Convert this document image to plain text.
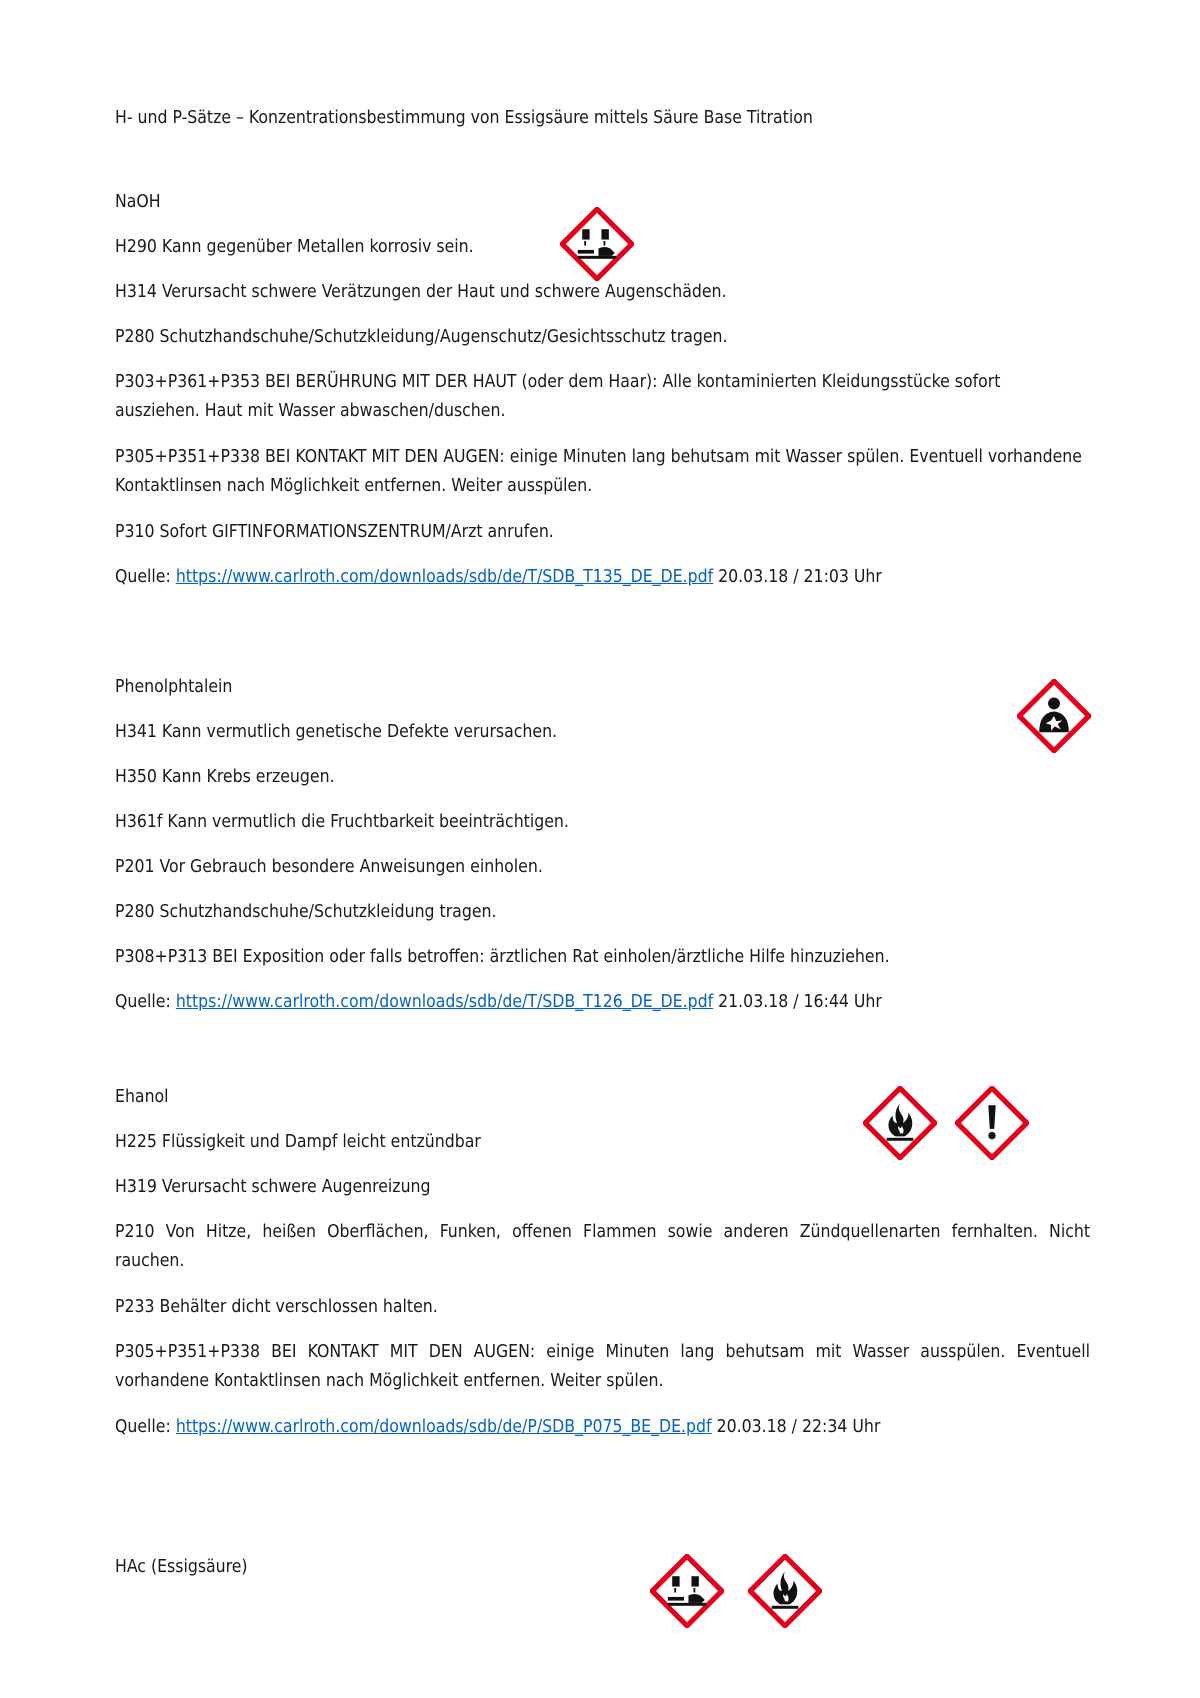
H- und P-Sätze – Konzentrationsbestimmung von Essigsäure mittels Säure Base Titration
NaOH
H290 Kann gegenüber Metallen korrosiv sein.
H314 Verursacht schwere Verätzungen der Haut und schwere Augenschäden.
P280 Schutzhandschuhe/Schutzkleidung/Augenschutz/Gesichtsschutz tragen.
P303+P361+P353 BEI BERÜHRUNG MIT DER HAUT (oder dem Haar): Alle kontaminierten Kleidungsstücke sofort ausziehen. Haut mit Wasser abwaschen/duschen.
P305+P351+P338 BEI KONTAKT MIT DEN AUGEN: einige Minuten lang behutsam mit Wasser spülen. Eventuell vorhandene Kontaktlinsen nach Möglichkeit entfernen. Weiter ausspülen.
P310 Sofort GIFTINFORMATIONSZENTRUM/Arzt anrufen.
Quelle: https://www.carlroth.com/downloads/sdb/de/T/SDB_T135_DE_DE.pdf 20.03.18 / 21:03 Uhr
Phenolphtalein
H341 Kann vermutlich genetische Defekte verursachen.
H350 Kann Krebs erzeugen.
H361f Kann vermutlich die Fruchtbarkeit beeinträchtigen.
P201 Vor Gebrauch besondere Anweisungen einholen.
P280 Schutzhandschuhe/Schutzkleidung tragen.
P308+P313 BEI Exposition oder falls betroffen: ärztlichen Rat einholen/ärztliche Hilfe hinzuziehen.
Quelle: https://www.carlroth.com/downloads/sdb/de/T/SDB_T126_DE_DE.pdf 21.03.18 / 16:44 Uhr
Ehanol
H225 Flüssigkeit und Dampf leicht entzündbar
H319 Verursacht schwere Augenreizung
P210 Von Hitze, heißen Oberflächen, Funken, offenen Flammen sowie anderen Zündquellenarten fernhalten. Nicht rauchen.
P233 Behälter dicht verschlossen halten.
P305+P351+P338 BEI KONTAKT MIT DEN AUGEN: einige Minuten lang behutsam mit Wasser ausspülen. Eventuell vorhandene Kontaktlinsen nach Möglichkeit entfernen. Weiter spülen.
Quelle: https://www.carlroth.com/downloads/sdb/de/P/SDB_P075_BE_DE.pdf 20.03.18 / 22:34 Uhr
HAc (Essigsäure)
